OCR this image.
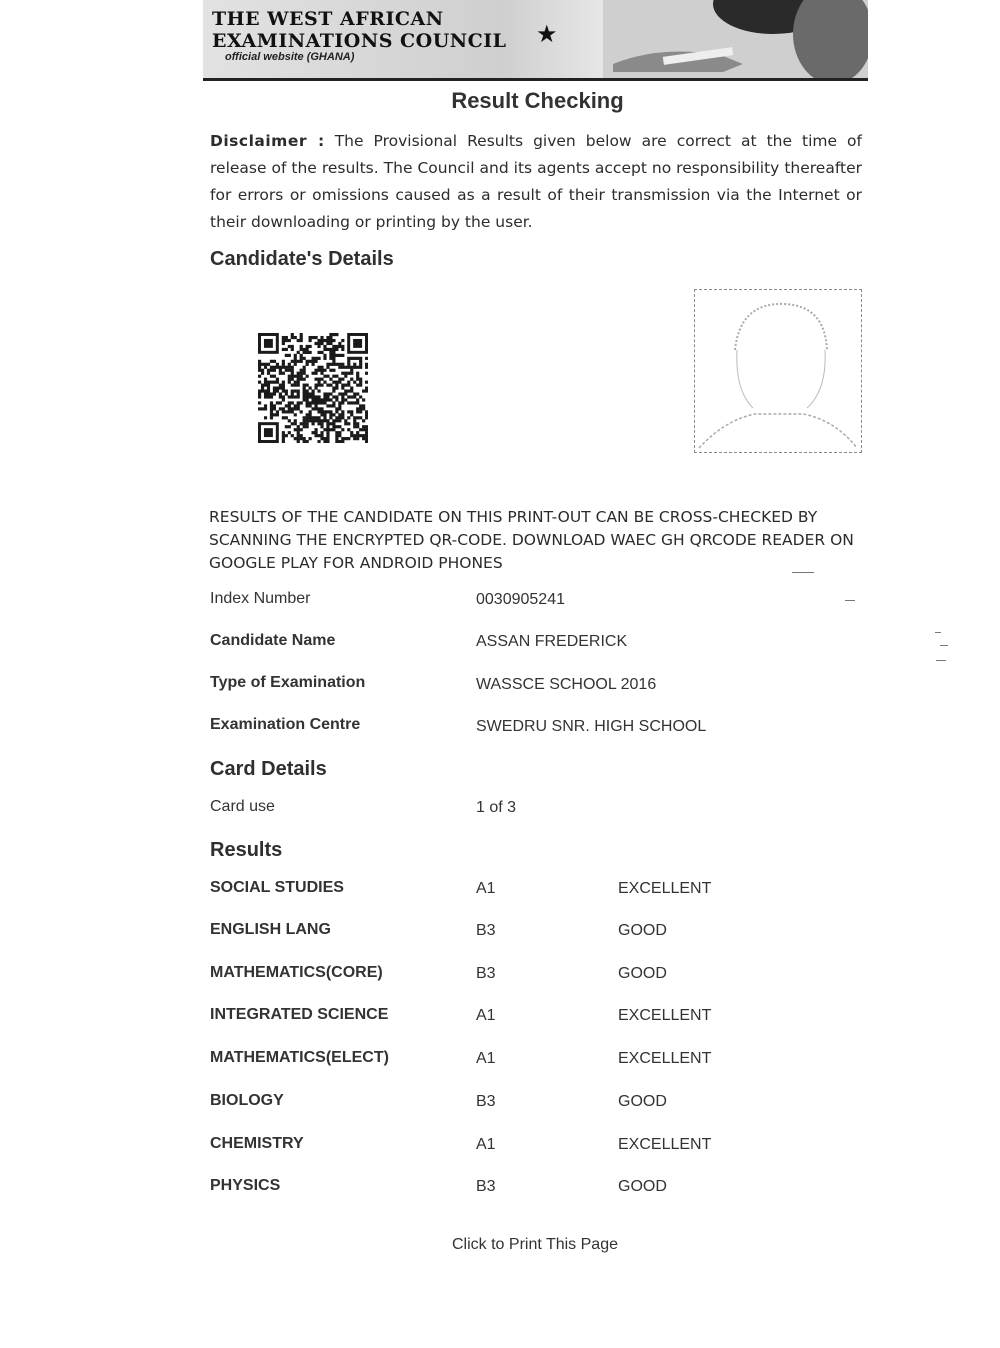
THE WEST AFRICAN
EXAMINATIONS COUNCIL
official website (GHANA)
★
Result Checking
Disclaimer : The Provisional Results given below are correct at the time of release of the results. The Council and its agents accept no responsibility thereafter for errors or omissions caused as a result of their transmission via the Internet or their downloading or printing by the user.
Candidate's Details
RESULTS OF THE CANDIDATE ON THIS PRINT-OUT CAN BE CROSS-CHECKED BY SCANNING THE ENCRYPTED QR-CODE. DOWNLOAD WAEC GH QRCODE READER ON GOOGLE PLAY FOR ANDROID PHONES
Index Number	0030905241
Candidate Name	ASSAN FREDERICK
Type of Examination	WASSCE SCHOOL 2016
Examination Centre	SWEDRU SNR. HIGH SCHOOL
Card Details
Card use	1 of 3
Results
SOCIAL STUDIES	A1	EXCELLENT
ENGLISH LANG	B3	GOOD
MATHEMATICS(CORE)	B3	GOOD
INTEGRATED SCIENCE	A1	EXCELLENT
MATHEMATICS(ELECT)	A1	EXCELLENT
BIOLOGY	B3	GOOD
CHEMISTRY	A1	EXCELLENT
PHYSICS	B3	GOOD
Click to Print This Page
